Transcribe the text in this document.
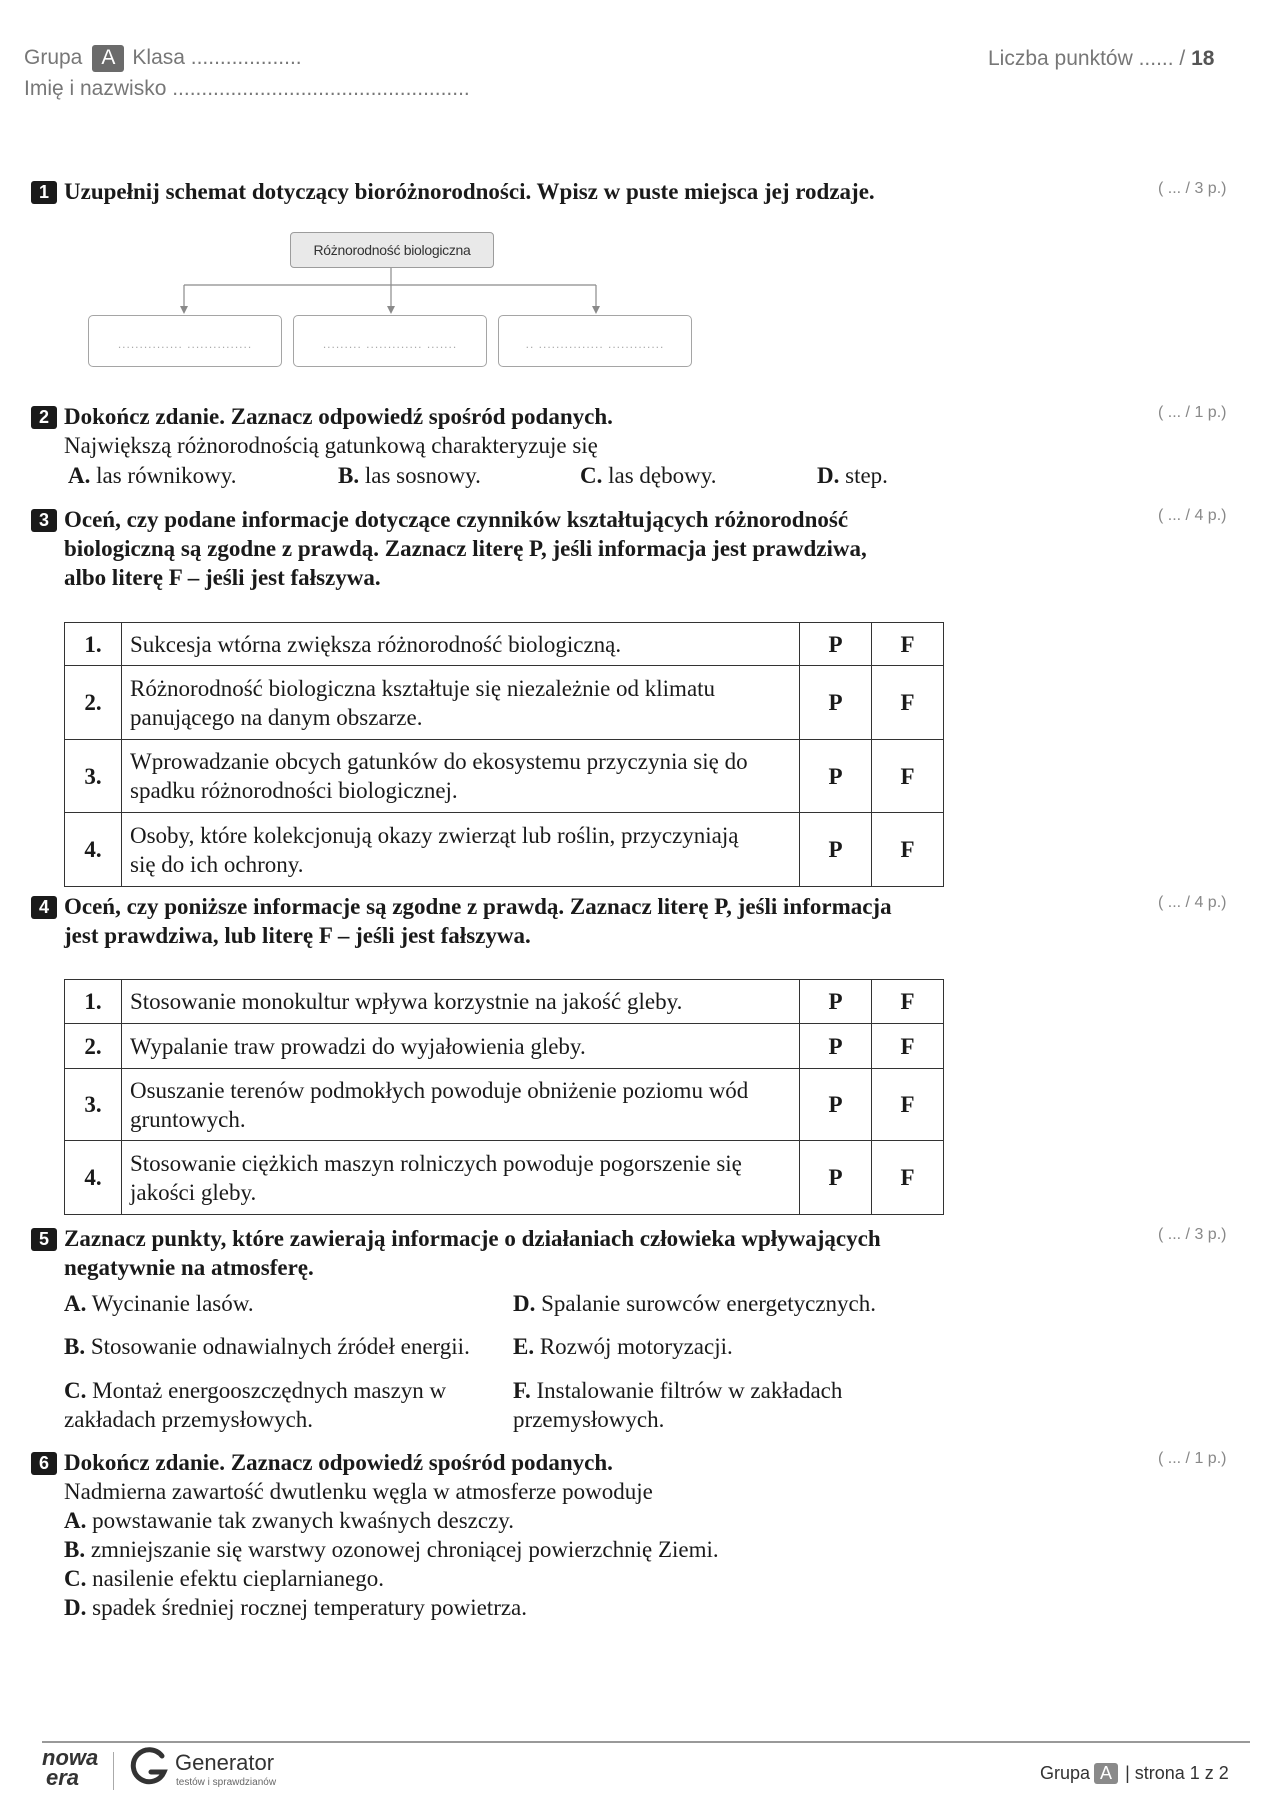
Grupa A Klasa ...................
Imię i nazwisko ...................................................
Liczba punktów ...... / 18
1 Uzupełnij schemat dotyczący bioróżnorodności. Wpisz w puste miejsca jej rodzaje.	( ... / 3 p.)
Różnorodność biologiczna
............... ...............	......... ............. .......	.. ............... .............
2 Dokończ zdanie. Zaznacz odpowiedź spośród podanych.	( ... / 1 p.)
Największą różnorodnością gatunkową charakteryzuje się
A. las równikowy.	B. las sosnowy.	C. las dębowy.	D. step.
3 Oceń, czy podane informacje dotyczące czynników kształtujących różnorodność
biologiczną są zgodne z prawdą. Zaznacz literę P, jeśli informacja jest prawdziwa,
albo literę F – jeśli jest fałszywa.
( ... / 4 p.)
1.	Sukcesja wtórna zwiększa różnorodność biologiczną.	P	F
2.	Różnorodność biologiczna kształtuje się niezależnie od klimatu
panującego na danym obszarze.	P	F
3.	Wprowadzanie obcych gatunków do ekosystemu przyczynia się do
spadku różnorodności biologicznej.	P	F
4.	Osoby, które kolekcjonują okazy zwierząt lub roślin, przyczyniają
się do ich ochrony.	P	F
4 Oceń, czy poniższe informacje są zgodne z prawdą. Zaznacz literę P, jeśli informacja
jest prawdziwa, lub literę F – jeśli jest fałszywa.
( ... / 4 p.)
1.	Stosowanie monokultur wpływa korzystnie na jakość gleby.	P	F
2.	Wypalanie traw prowadzi do wyjałowienia gleby.	P	F
3.	Osuszanie terenów podmokłych powoduje obniżenie poziomu wód
gruntowych.	P	F
4.	Stosowanie ciężkich maszyn rolniczych powoduje pogorszenie się
jakości gleby.	P	F
5 Zaznacz punkty, które zawierają informacje o działaniach człowieka wpływających
negatywnie na atmosferę.
( ... / 3 p.)
A. Wycinanie lasów.	D. Spalanie surowców energetycznych.
B. Stosowanie odnawialnych źródeł energii. E. Rozwój motoryzacji.
C. Montaż energooszczędnych maszyn w
zakładach przemysłowych.
F. Instalowanie filtrów w zakładach
przemysłowych.
6 Dokończ zdanie. Zaznacz odpowiedź spośród podanych.	( ... / 1 p.)
Nadmierna zawartość dwutlenku węgla w atmosferze powoduje
A. powstawanie tak zwanych kwaśnych deszczy.
B. zmniejszanie się warstwy ozonowej chroniącej powierzchnię Ziemi.
C. nasilenie efektu cieplarnianego.
D. spadek średniej rocznej temperatury powietrza.
nowa
era
Generator
testów i sprawdzianów	Grupa A | strona 1 z 2
